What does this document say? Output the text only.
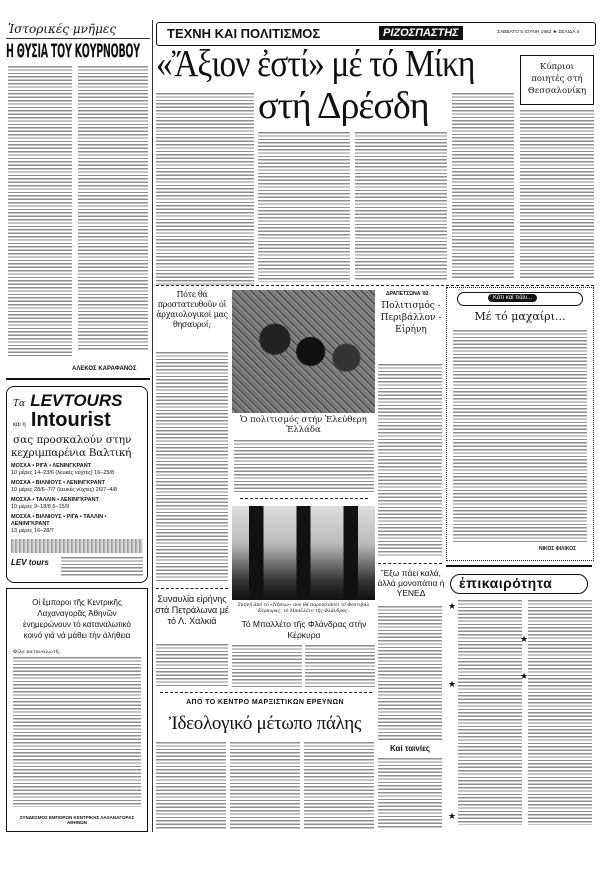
Ἱστορικές μνῆμες
Η ΘΥΣΙΑ ΤΟΥ ΚΟΥΡΝΟΒΟΥ
ΑΛΕΚΟΣ ΚΑΡΑΦΑΝΟΣ
Τα LEVTOURS
και η Intourist
σας προσκαλούν στην
κεχριμπαρένια Βαλτική
ΜΟΣΧΑ • ΡΙΓΑ • ΛΕΝΙΝΓΚΡΑΝΤ
10 μέρες 14–23/6 (λευκές νύχτες) 16–25/8
ΜΟΣΧΑ • ΒΙΛΝΙΟΥΣ • ΛΕΝΙΝΓΚΡΑΝΤ
10 μέρες 28/6–7/7 (λευκές νύχτες) 26/7–4/8
ΜΟΣΧΑ • ΤΑΛΛΙΝ • ΛΕΝΙΝΓΚΡΑΝΤ
10 μέρες 9–18/8 6–15/9
ΜΟΣΧΑ • ΒΙΛΝΙΟΥΣ • ΡΙΓΑ • ΤΑΛΛΙΝ • ΛΕΝΙΝΓΚΡΑΝΤ
13 μέρες 16–28/7
LEV tours
Οἱ ἔμποροι τῆς Κεντρικῆς Λαχαναγορᾶς Ἀθηνῶν ἐνημερώνουν τό καταναλωτικό κοινό γιά νά μάθει τήν ἀλήθεια
Φίλε καταναλωτή,
ΣΥΝΔΕΣΜΟΣ ΕΜΠΟΡΩΝ ΚΕΝΤΡΙΚΗΣ ΛΑΧΑΝΑΓΟΡΑΣ ΑΘΗΝΩΝ
ΤΕΧΝΗ ΚΑΙ ΠΟΛΙΤΙΣΜΟΣ	ΡΙΖΟΣΠΑΣΤΗΣ	ΣΑΒΒΑΤΟ 5 ΙΟΥΝΗ 1982 ★ ΣΕΛΙΔΑ 4
«Ἄξιον ἐστί» μέ τό Μίκη
στή Δρέσδη
Κύπριοι ποιητές στή Θεσσαλονίκη
Πότε θά προστατευθοῦν οἱ ἀρχαιολογικοί μας θησαυροί;
Συναυλία εἰρήνης στά Πετράλωνα μέ τό Λ. Χαλκιά
Ὁ πολιτισμός στήν Ἐλεύθερη Ἑλλάδα
Σκηνή ἀπό τό «Νήσων» πού θά παρουσιάσει τό Φεστιβάλ Κέρκυρας, τό Μπαλλέτο τῆς Φλάνδρας.
Τό Μπαλλέτο τῆς Φλάνδρας στήν Κέρκυρα
ΔΡΑΠΕΤΣΩΝΑ '82
Πολιτισμός - Περιβάλλον - Εἰρήνη
Ἔξω πάει καλά, ἀλλά μονοπάτια ἡ ΥΕΝΕΔ
Καί ταινίες
Κάτι καί πάλι...
Μέ τό μαχαίρι...
ΝΙΚΟΣ ΦΙΛΙΚΟΣ
ἐπικαιρότητα
★
★
★
★
★
ΑΠΟ ΤΟ ΚΕΝΤΡΟ ΜΑΡΞΙΣΤΙΚΩΝ ΕΡΕΥΝΩΝ
Ἰδεολογικό μέτωπο πάλης
